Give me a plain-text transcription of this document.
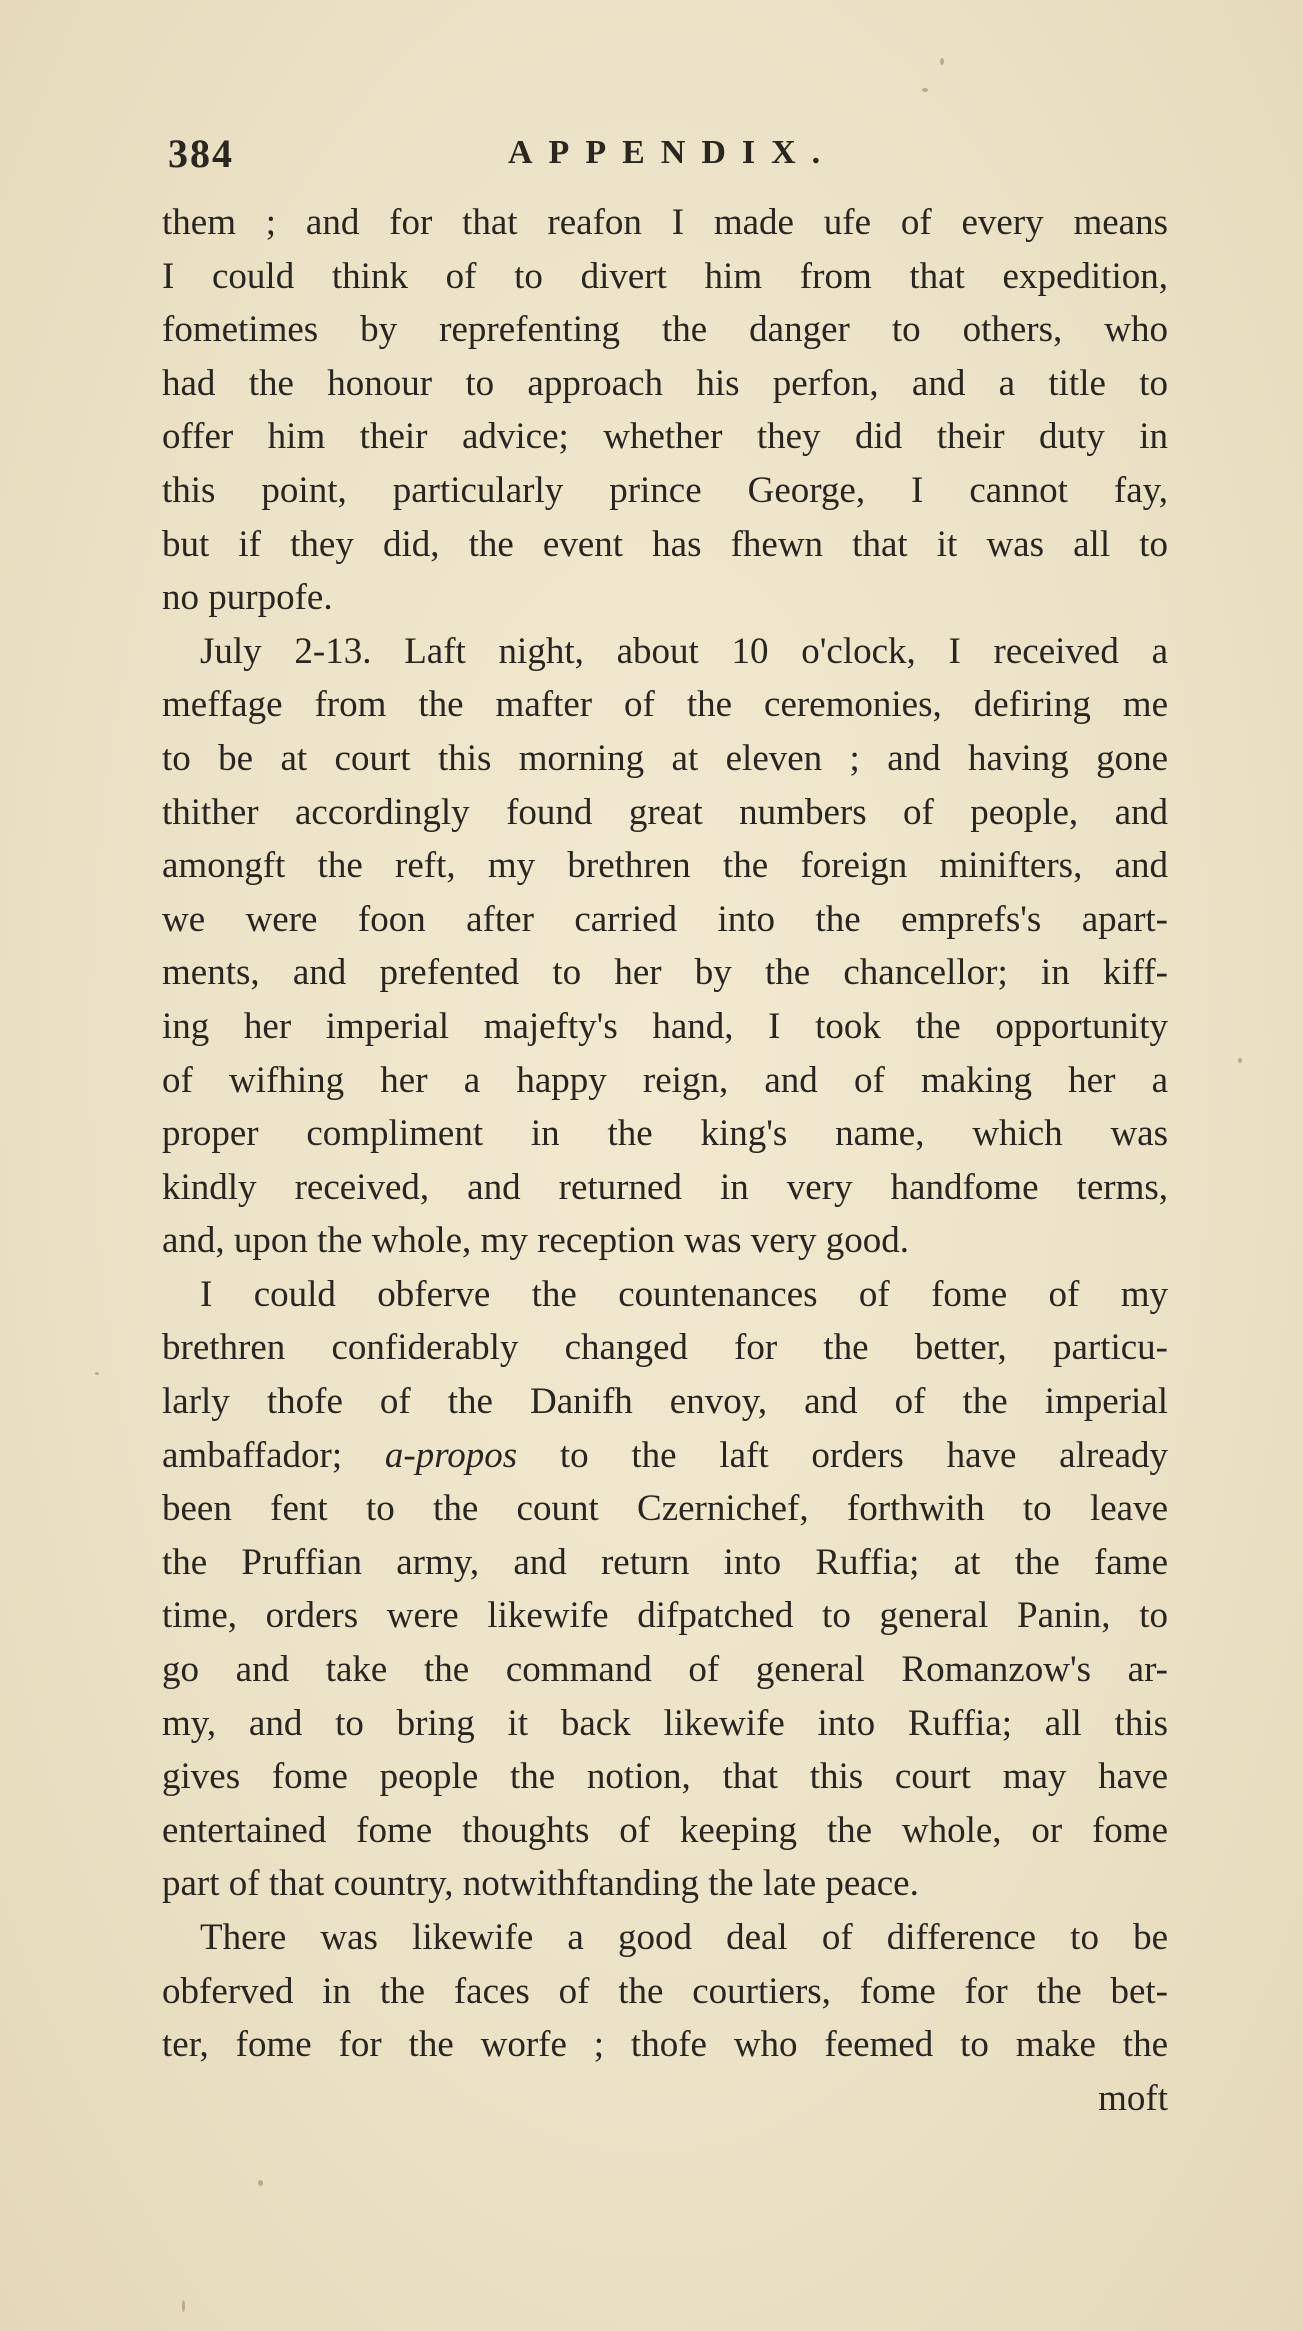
384	APPENDIX.
them ; and for that reafon I made ufe of every means
I could think of to divert him from that expedition,
fometimes by reprefenting the danger to others, who
had the honour to approach his perfon, and a title to
offer him their advice; whether they did their duty in
this point, particularly prince George, I cannot fay,
but if they did, the event has fhewn that it was all to
no purpofe.
July 2-13. Laft night, about 10 o'clock, I received a
meffage from the mafter of the ceremonies, defiring me
to be at court this morning at eleven ; and having gone
thither accordingly found great numbers of people, and
amongft the reft, my brethren the foreign minifters, and
we were foon after carried into the emprefs's apart-
ments, and prefented to her by the chancellor; in kiff-
ing her imperial majefty's hand, I took the opportunity
of wifhing her a happy reign, and of making her a
proper compliment in the king's name, which was
kindly received, and returned in very handfome terms,
and, upon the whole, my reception was very good.
I could obferve the countenances of fome of my
brethren confiderably changed for the better, particu-
larly thofe of the Danifh envoy, and of the imperial
ambaffador; a-propos to the laft orders have already
been fent to the count Czernichef, forthwith to leave
the Pruffian army, and return into Ruffia; at the fame
time, orders were likewife difpatched to general Panin, to
go and take the command of general Romanzow's ar-
my, and to bring it back likewife into Ruffia; all this
gives fome people the notion, that this court may have
entertained fome thoughts of keeping the whole, or fome
part of that country, notwithftanding the late peace.
There was likewife a good deal of difference to be
obferved in the faces of the courtiers, fome for the bet-
ter, fome for the worfe ; thofe who feemed to make the
moft
